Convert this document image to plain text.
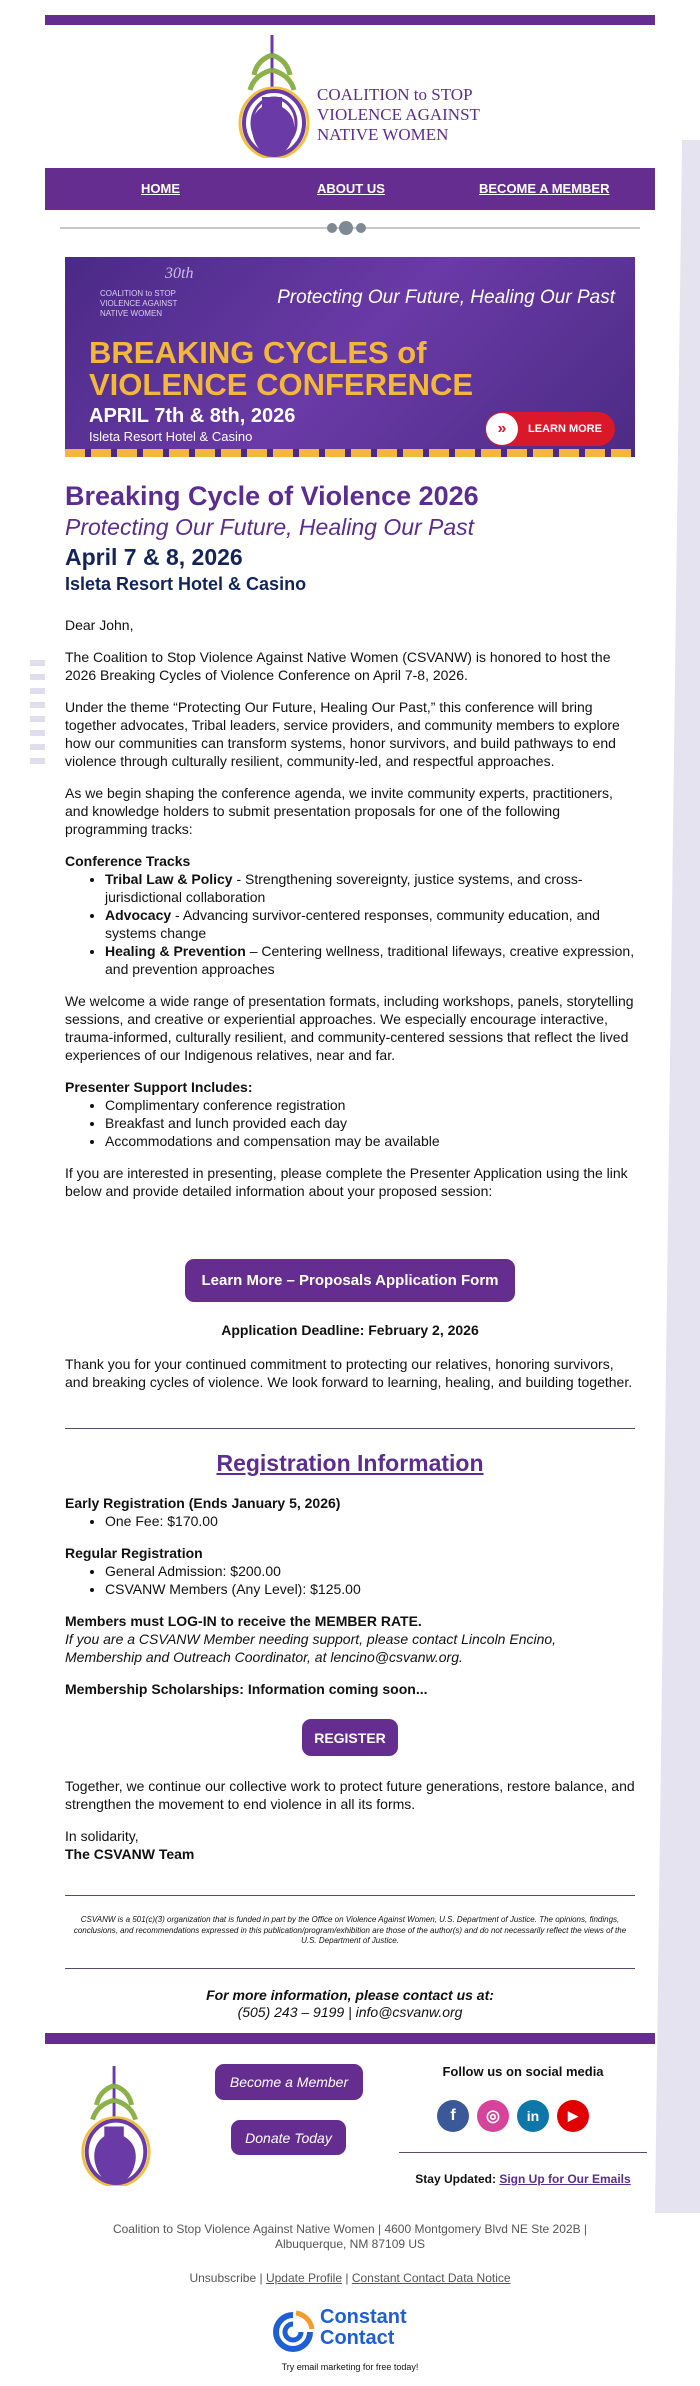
COALITION to STOP
VIOLENCE AGAINST
NATIVE WOMEN
HOME	ABOUT US	BECOME A MEMBER
30th
COALITION to STOP
VIOLENCE AGAINST
NATIVE WOMEN
Protecting Our Future, Healing Our Past
BREAKING CYCLES of
VIOLENCE CONFERENCE
APRIL 7th & 8th, 2026
Isleta Resort Hotel & Casino	»	LEARN MORE
Breaking Cycle of Violence 2026
Protecting Our Future, Healing Our Past
April 7 & 8, 2026
Isleta Resort Hotel & Casino

Dear John,

The Coalition to Stop Violence Against Native Women (CSVANW) is honored to host the 2026 Breaking Cycles of Violence Conference on April 7-8, 2026.

Under the theme “Protecting Our Future, Healing Our Past,” this conference will bring together advocates, Tribal leaders, service providers, and community members to explore how our communities can transform systems, honor survivors, and build pathways to end violence through culturally resilient, community-led, and respectful approaches.

As we begin shaping the conference agenda, we invite community experts, practitioners, and knowledge holders to submit presentation proposals for one of the following programming tracks:

Conference Tracks
• Tribal Law & Policy - Strengthening sovereignty, justice systems, and cross-jurisdictional collaboration
• Advocacy - Advancing survivor-centered responses, community education, and systems change
• Healing & Prevention – Centering wellness, traditional lifeways, creative expression, and prevention approaches

We welcome a wide range of presentation formats, including workshops, panels, storytelling sessions, and creative or experiential approaches. We especially encourage interactive, trauma-informed, culturally resilient, and community-centered sessions that reflect the lived experiences of our Indigenous relatives, near and far.

Presenter Support Includes:
• Complimentary conference registration
• Breakfast and lunch provided each day
• Accommodations and compensation may be available

If you are interested in presenting, please complete the Presenter Application using the link below and provide detailed information about your proposed session:

Learn More – Proposals Application Form
Application Deadline: February 2, 2026
Thank you for your continued commitment to protecting our relatives, honoring survivors, and breaking cycles of violence. We look forward to learning, healing, and building together.
Registration Information
Early Registration (Ends January 5, 2026)
• One Fee: $170.00
Regular Registration
• General Admission: $200.00
• CSVANW Members (Any Level): $125.00
Members must LOG-IN to receive the MEMBER RATE.

If you are a CSVANW Member needing support, please contact Lincoln Encino, Membership and Outreach Coordinator, at lencino@csvanw.org.

Membership Scholarships: Information coming soon...
REGISTER

Together, we continue our collective work to protect future generations, restore balance, and strengthen the movement to end violence in all its forms.

In solidarity,
The CSVANW Team
CSVANW is a 501(c)(3) organization that is funded in part by the Office on Violence Against Women, U.S. Department of Justice. The opinions, findings, conclusions, and recommendations expressed in this publication/program/exhibition are those of the author(s) and do not necessarily reflect the views of the U.S. Department of Justice.
For more information, please contact us at:
(505) 243 – 9199 | info@csvanw.org
Become a Member
Donate Today
Follow us on social media
f	◎	in	▶
Stay Updated: Sign Up for Our Emails
Coalition to Stop Violence Against Native Women | 4600 Montgomery Blvd NE Ste 202B |
Albuquerque, NM 87109 US
Unsubscribe | Update Profile | Constant Contact Data Notice
Constant
Contact
Try email marketing for free today!
